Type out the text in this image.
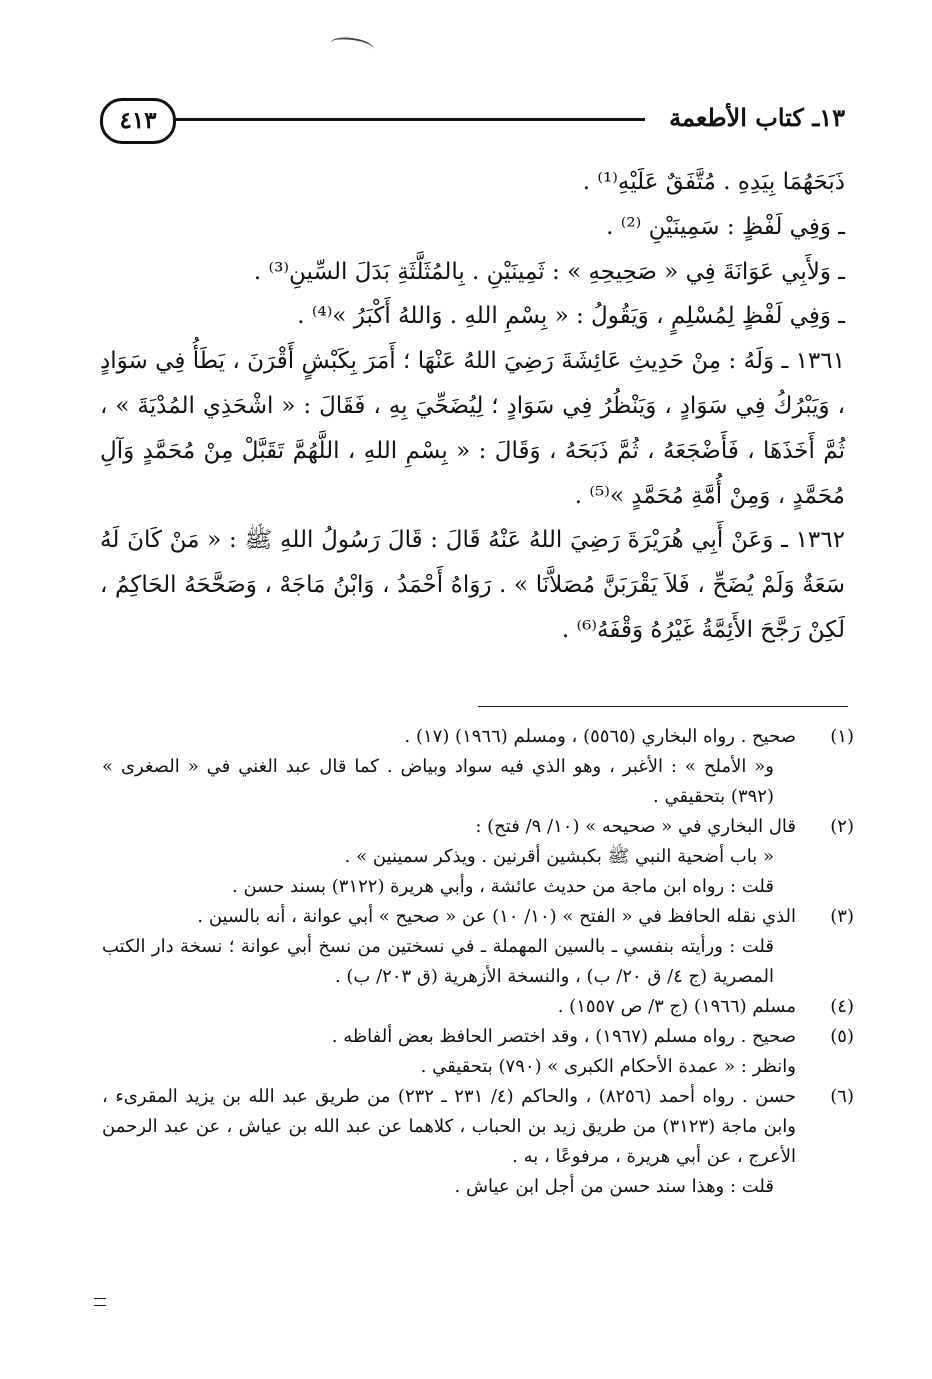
٤١٣	١٣ـ كتاب الأطعمة

ذَبَحَهُمَا بِيَدِهِ . مُتَّفَقٌ عَلَيْهِ⁽¹⁾ .

ـ وَفِي لَفْظٍ : سَمِينَيْنِ ⁽²⁾ .

ـ وَلأَبِي عَوَانَةَ فِي « صَحِيحِهِ » : ثَمِينَيْنِ . بِالمُثَلَّثَةِ بَدَلَ السِّينِ⁽³⁾ .

ـ وَفِي لَفْظٍ لِمُسْلِمٍ ، وَيَقُولُ : « بِسْمِ اللهِ . وَاللهُ أَكْبَرُ »⁽⁴⁾ .

١٣٦١ ـ وَلَهُ : مِنْ حَدِيثِ عَائِشَةَ رَضِيَ اللهُ عَنْهَا ؛ أَمَرَ بِكَبْشٍ أَقْرَنَ ، يَطَأُ فِي سَوَادٍ ، وَيَبْرُكُ فِي سَوَادٍ ، وَيَنْظُرُ فِي سَوَادٍ ؛ لِيُضَحِّيَ بِهِ ، فَقَالَ : « اشْحَذِي المُدْيَةَ » ، ثُمَّ أَخَذَهَا ، فَأَضْجَعَهُ ، ثُمَّ ذَبَحَهُ ، وَقَالَ : « بِسْمِ اللهِ ، اللَّهُمَّ تَقَبَّلْ مِنْ مُحَمَّدٍ وَآلِ مُحَمَّدٍ ، وَمِنْ أُمَّةِ مُحَمَّدٍ »⁽⁵⁾ .

١٣٦٢ ـ وَعَنْ أَبِي هُرَيْرَةَ رَضِيَ اللهُ عَنْهُ قَالَ : قَالَ رَسُولُ اللهِ ﷺ : « مَنْ كَانَ لَهُ سَعَةٌ وَلَمْ يُضَحِّ ، فَلاَ يَقْرَبَنَّ مُصَلاَّنَا » . رَوَاهُ أَحْمَدُ ، وَابْنُ مَاجَهْ ، وَصَحَّحَهُ الحَاكِمُ ، لَكِنْ رَجَّحَ الأَئِمَّةُ غَيْرُهُ وَقْفَهُ⁽⁶⁾ .

(١)
صحيح . رواه البخاري (٥٥٦٥) ، ومسلم (١٩٦٦) (١٧) .
و« الأملح » : الأغبر ، وهو الذي فيه سواد وبياض . كما قال عبد الغني في « الصغرى » (٣٩٢) بتحقيقي .
(٢)
قال البخاري في « صحيحه » (١٠/ ٩/ فتح) :
« باب أضحية النبي ﷺ بكبشين أقرنين . ويذكر سمينين » .
قلت : رواه ابن ماجة من حديث عائشة ، وأبي هريرة (٣١٢٢) بسند حسن .
(٣)
الذي نقله الحافظ في « الفتح » (١٠/ ١٠) عن « صحيح » أبي عوانة ، أنه بالسين .
قلت : ورأيته بنفسي ـ بالسين المهملة ـ في نسختين من نسخ أبي عوانة ؛ نسخة دار الكتب المصرية (ج ٤/ ق ٢٠/ ب) ، والنسخة الأزهرية (ق ٢٠٣/ ب) .
(٤)
مسلم (١٩٦٦) (ج ٣/ ص ١٥٥٧) .
(٥)
صحيح . رواه مسلم (١٩٦٧) ، وقد اختصر الحافظ بعض ألفاظه .
وانظر : « عمدة الأحكام الكبرى » (٧٩٠) بتحقيقي .
(٦)
حسن . رواه أحمد (٨٢٥٦) ، والحاكم (٤/ ٢٣١ ـ ٢٣٢) من طريق عبد الله بن يزيد المقرىء ، وابن ماجة (٣١٢٣) من طريق زيد بن الحباب ، كلاهما عن عبد الله بن عياش ، عن عبد الرحمن الأعرج ، عن أبي هريرة ، مرفوعًا ، به .
قلت : وهذا سند حسن من أجل ابن عياش .
